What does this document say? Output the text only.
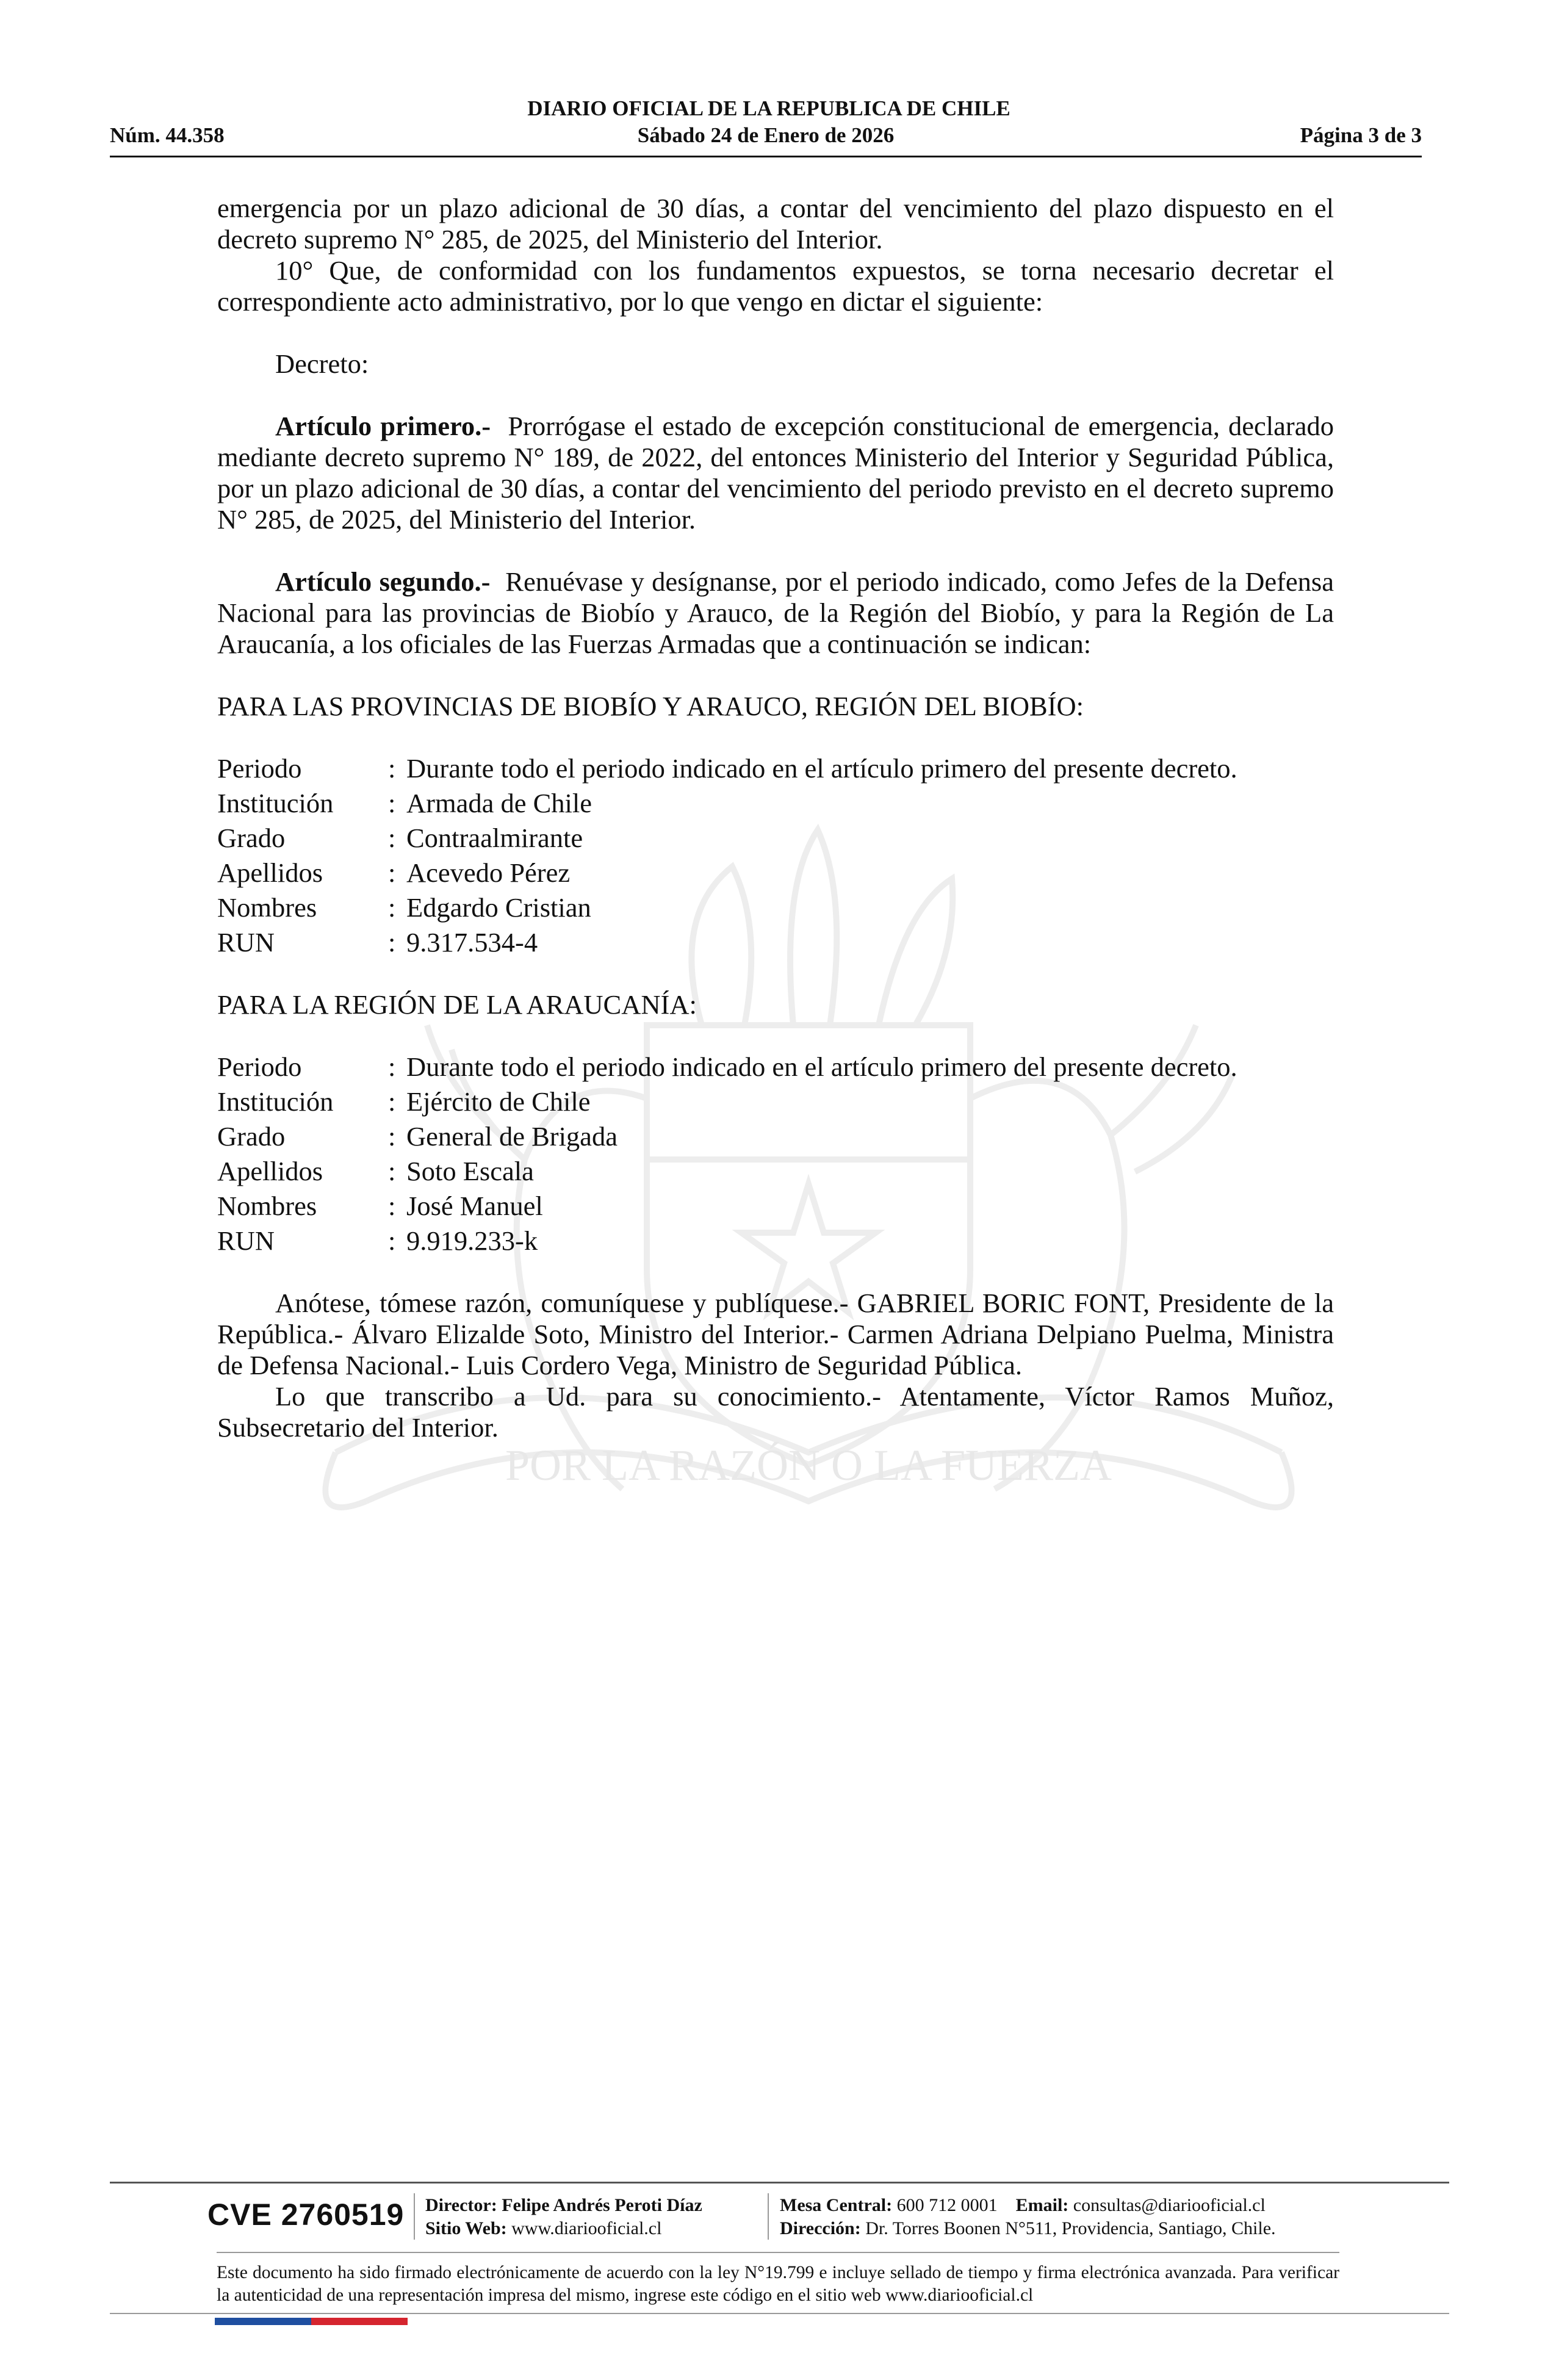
POR LA RAZÓN O LA FUERZA
DIARIO OFICIAL DE LA REPUBLICA DE CHILE
Núm. 44.358	Sábado 24 de Enero de 2026	Página 3 de 3

emergencia por un plazo adicional de 30 días, a contar del vencimiento del plazo dispuesto en el decreto supremo N° 285, de 2025, del Ministerio del Interior.

10° Que, de conformidad con los fundamentos expuestos, se torna necesario decretar el correspondiente acto administrativo, por lo que vengo en dictar el siguiente:

Decreto:

Artículo primero.- Prorrógase el estado de excepción constitucional de emergencia, declarado mediante decreto supremo N° 189, de 2022, del entonces Ministerio del Interior y Seguridad Pública, por un plazo adicional de 30 días, a contar del vencimiento del periodo previsto en el decreto supremo N° 285, de 2025, del Ministerio del Interior.

Artículo segundo.- Renuévase y desígnanse, por el periodo indicado, como Jefes de la Defensa Nacional para las provincias de Biobío y Arauco, de la Región del Biobío, y para la Región de La Araucanía, a los oficiales de las Fuerzas Armadas que a continuación se indican:

PARA LAS PROVINCIAS DE BIOBÍO Y ARAUCO, REGIÓN DEL BIOBÍO:

Periodo	: Durante todo el periodo indicado en el artículo primero del presente decreto.
Institución	: Armada de Chile
Grado	: Contraalmirante
Apellidos	: Acevedo Pérez
Nombres	: Edgardo Cristian
RUN	: 9.317.534-4

PARA LA REGIÓN DE LA ARAUCANÍA:

Periodo	: Durante todo el periodo indicado en el artículo primero del presente decreto.
Institución	: Ejército de Chile
Grado	: General de Brigada
Apellidos	: Soto Escala
Nombres	: José Manuel
RUN	: 9.919.233-k

Anótese, tómese razón, comuníquese y publíquese.- GABRIEL BORIC FONT, Presidente de la República.- Álvaro Elizalde Soto, Ministro del Interior.- Carmen Adriana Delpiano Puelma, Ministra de Defensa Nacional.- Luis Cordero Vega, Ministro de Seguridad Pública.

Lo que transcribo a Ud. para su conocimiento.- Atentamente, Víctor Ramos Muñoz, Subsecretario del Interior.

CVE 2760519 Director: Felipe Andrés Peroti Díaz
Sitio Web: www.diariooficial.cl
Mesa Central: 600 712 0001 Email: consultas@diariooficial.cl
Dirección: Dr. Torres Boonen N°511, Providencia, Santiago, Chile.
Este documento ha sido firmado electrónicamente de acuerdo con la ley N°19.799 e incluye sellado de tiempo y firma electrónica avanzada. Para verificar la autenticidad de una representación impresa del mismo, ingrese este código en el sitio web www.diariooficial.cl
